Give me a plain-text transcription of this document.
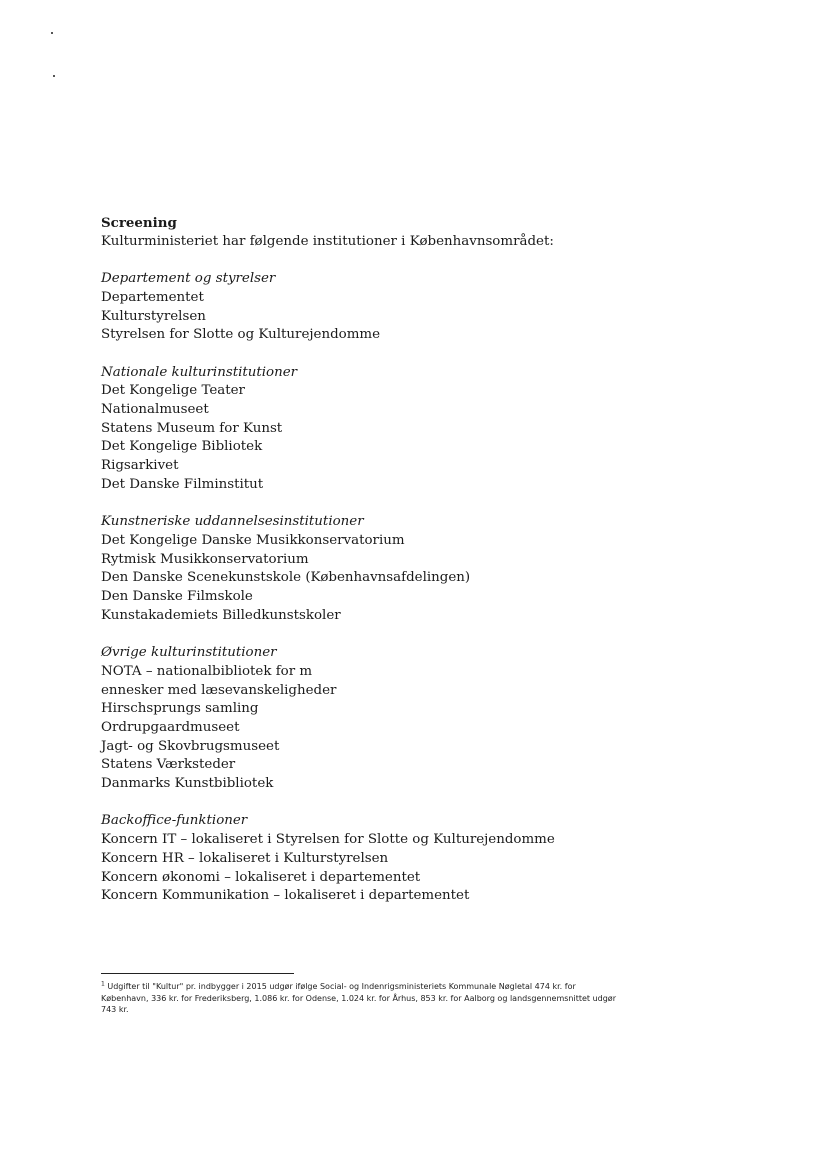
Screening

Kulturministeriet har følgende institutioner i Københavnsområdet:

Departement og styrelser

Departementet

Kulturstyrelsen

Styrelsen for Slotte og Kulturejendomme

Nationale kulturinstitutioner

Det Kongelige Teater

Nationalmuseet

Statens Museum for Kunst

Det Kongelige Bibliotek

Rigsarkivet

Det Danske Filminstitut

Kunstneriske uddannelsesinstitutioner

Det Kongelige Danske Musikkonservatorium

Rytmisk Musikkonservatorium

Den Danske Scenekunstskole (Københavnsafdelingen)

Den Danske Filmskole

Kunstakademiets Billedkunstskoler

Øvrige kulturinstitutioner

NOTA – nationalbibliotek for m

ennesker med læsevanskeligheder

Hirschsprungs samling

Ordrupgaardmuseet

Jagt- og Skovbrugsmuseet

Statens Værksteder

Danmarks Kunstbibliotek

Backoffice-funktioner

Koncern IT – lokaliseret i Styrelsen for Slotte og Kulturejendomme

Koncern HR – lokaliseret i Kulturstyrelsen

Koncern økonomi – lokaliseret i departementet

Koncern Kommunikation – lokaliseret i departementet

$^1$ Udgifter til "Kultur" pr. indbygger i 2015 udgør ifølge Social- og Indenrigsministeriets Kommunale Nøgletal 474 kr. for København, 336 kr. for Frederiksberg, 1.086 kr. for Odense, 1.024 kr. for Århus, 853 kr. for Aalborg og landsgennemsnittet udgør 743 kr.
